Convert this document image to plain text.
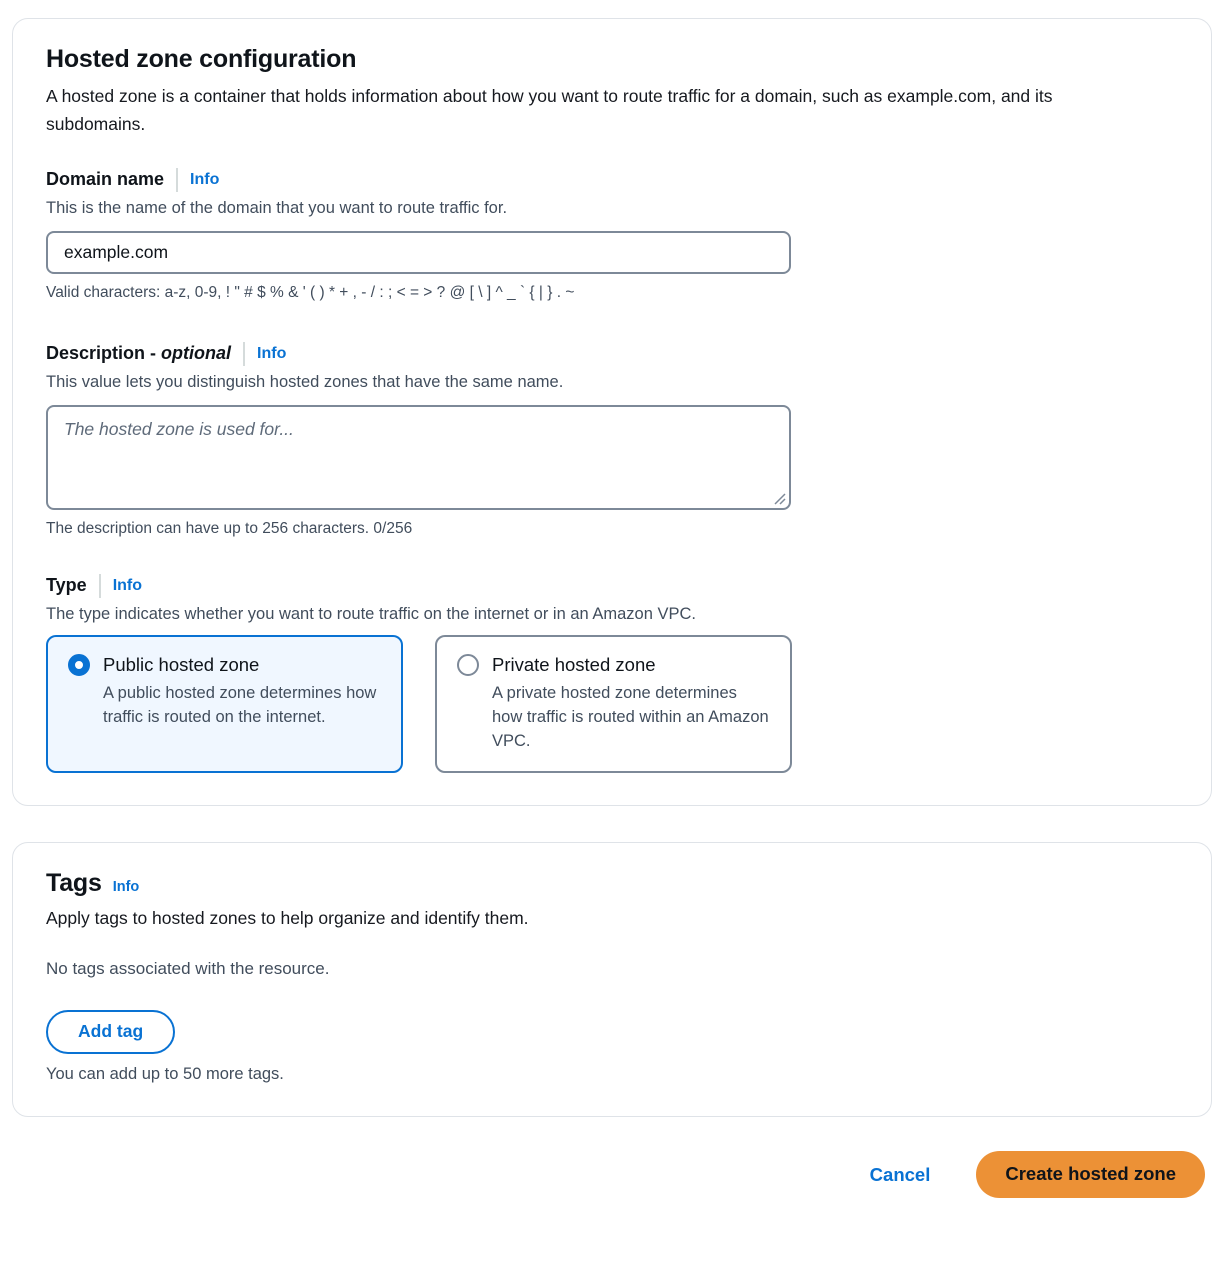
Hosted zone configuration

A hosted zone is a container that holds information about how you want to route traffic for a domain, such as example.com, and its subdomains.

Domain name Info
This is the name of the domain that you want to route traffic for.
example.com
Valid characters: a-z, 0-9, ! " # $ % & ' ( ) * + , - / : ; < = > ? @ [ \ ] ^ _ ` { | } . ~
Description - optional Info
This value lets you distinguish hosted zones that have the same name.
The hosted zone is used for...
The description can have up to 256 characters. 0/256
Type Info
The type indicates whether you want to route traffic on the internet or in an Amazon VPC.
Public hosted zone

A public hosted zone determines how traffic is routed on the internet.

Private hosted zone

A private hosted zone determines how traffic is routed within an Amazon VPC.

Tags Info

Apply tags to hosted zones to help organize and identify them.

No tags associated with the resource.

Add tag
You can add up to 50 more tags.
Cancel	Create hosted zone
